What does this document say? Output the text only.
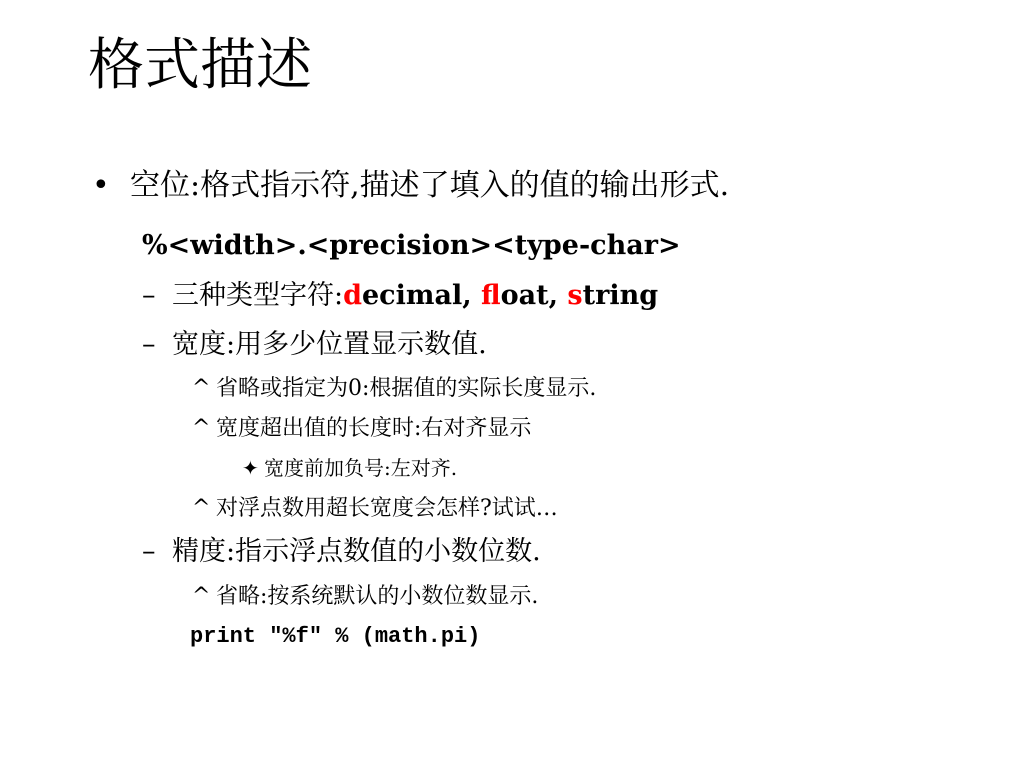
格式描述
• 空位:格式指示符,描述了填入的值的输出形式.
%<width>.<precision><type-char>
– 三种类型字符:decimal, float, string
– 宽度:用多少位置显示数值.
^ 省略或指定为0:根据值的实际长度显示.
^ 宽度超出值的长度时:右对齐显示
✦ 宽度前加负号:左对齐.
^ 对浮点数用超长宽度会怎样?试试…
– 精度:指示浮点数值的小数位数.
^ 省略:按系统默认的小数位数显示.
print "%f" % (math.pi)
